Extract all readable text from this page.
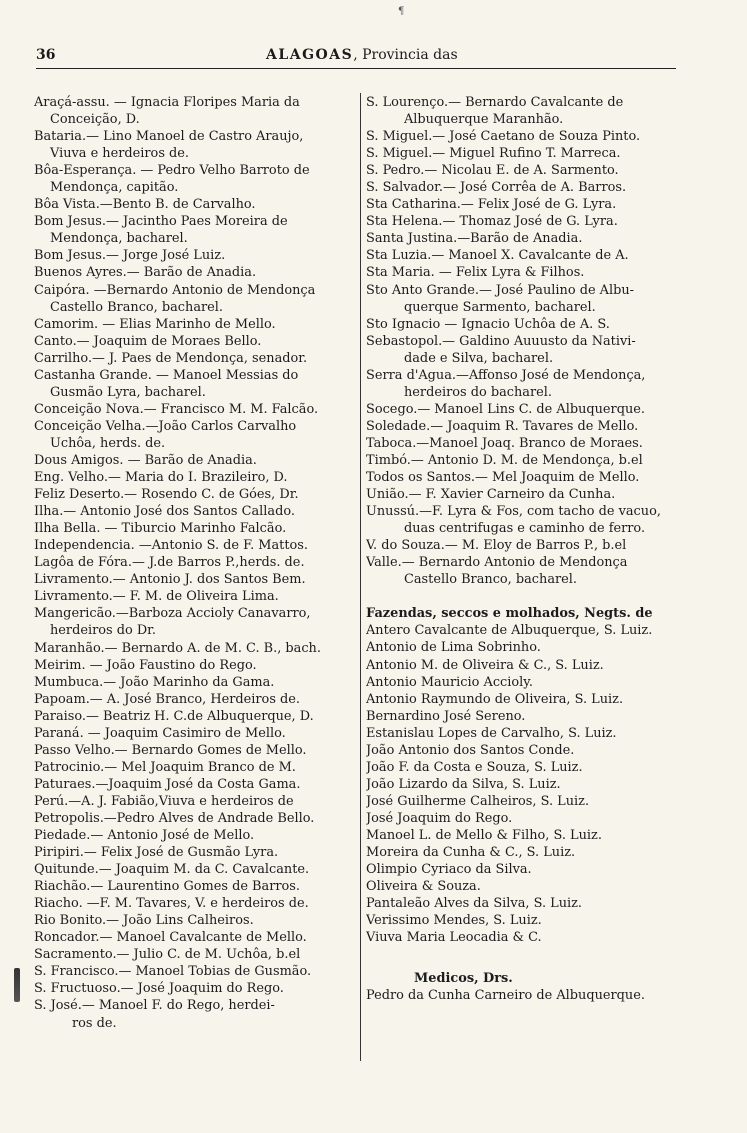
¶
36	ALAGOAS, Provincia das
Araçá-assu. — Ignacia Floripes Maria da
Conceição, D.
Bataria.— Lino Manoel de Castro Araujo,
Viuva e herdeiros de.
Bôa-Esperança. — Pedro Velho Barroto de
Mendonça, capitão.
Bôa Vista.—Bento B. de Carvalho.
Bom Jesus.— Jacintho Paes Moreira de
Mendonça, bacharel.
Bom Jesus.— Jorge José Luiz.
Buenos Ayres.— Barão de Anadia.
Caipóra. —Bernardo Antonio de Mendonça
Castello Branco, bacharel.
Camorim. — Elias Marinho de Mello.
Canto.— Joaquim de Moraes Bello.
Carrilho.— J. Paes de Mendonça, senador.
Castanha Grande. — Manoel Messias do
Gusmão Lyra, bacharel.
Conceição Nova.— Francisco M. M. Falcão.
Conceição Velha.—João Carlos Carvalho
Uchôa, herds. de.
Dous Amigos. — Barão de Anadia.
Eng. Velho.— Maria do I. Brazileiro, D.
Feliz Deserto.— Rosendo C. de Góes, Dr.
Ilha.— Antonio José dos Santos Callado.
Ilha Bella. — Tiburcio Marinho Falcão.
Independencia. —Antonio S. de F. Mattos.
Lagôa de Fóra.— J.de Barros P.,herds. de.
Livramento.— Antonio J. dos Santos Bem.
Livramento.— F. M. de Oliveira Lima.
Mangericão.—Barboza Accioly Canavarro,
herdeiros do Dr.
Maranhão.— Bernardo A. de M. C. B., bach.
Meirim. — João Faustino do Rego.
Mumbuca.— João Marinho da Gama.
Papoam.— A. José Branco, Herdeiros de.
Paraiso.— Beatriz H. C.de Albuquerque, D.
Paraná. — Joaquim Casimiro de Mello.
Passo Velho.— Bernardo Gomes de Mello.
Patrocinio.— Mel Joaquim Branco de M.
Paturaes.—Joaquim José da Costa Gama.
Perú.—A. J. Fabião,Viuva e herdeiros de
Petropolis.—Pedro Alves de Andrade Bello.
Piedade.— Antonio José de Mello.
Piripiri.— Felix José de Gusmão Lyra.
Quitunde.— Joaquim M. da C. Cavalcante.
Riachão.— Laurentino Gomes de Barros.
Riacho. —F. M. Tavares, V. e herdeiros de.
Rio Bonito.— João Lins Calheiros.
Roncador.— Manoel Cavalcante de Mello.
Sacramento.— Julio C. de M. Uchôa, b.el
S. Francisco.— Manoel Tobias de Gusmão.
S. Fructuoso.— José Joaquim do Rego.
S. José.— Manoel F. do Rego, herdei-
ros de.
S. Lourenço.— Bernardo Cavalcante de
Albuquerque Maranhão.
S. Miguel.— José Caetano de Souza Pinto.
S. Miguel.— Miguel Rufino T. Marreca.
S. Pedro.— Nicolau E. de A. Sarmento.
S. Salvador.— José Corrêa de A. Barros.
Sta Catharina.— Felix José de G. Lyra.
Sta Helena.— Thomaz José de G. Lyra.
Santa Justina.—Barão de Anadia.
Sta Luzia.— Manoel X. Cavalcante de A.
Sta Maria. — Felix Lyra & Filhos.
Sto Anto Grande.— José Paulino de Albu-
querque Sarmento, bacharel.
Sto Ignacio — Ignacio Uchôa de A. S.
Sebastopol.— Galdino Auuusto da Nativi-
dade e Silva, bacharel.
Serra d'Agua.—Affonso José de Mendonça,
herdeiros do bacharel.
Socego.— Manoel Lins C. de Albuquerque.
Soledade.— Joaquim R. Tavares de Mello.
Taboca.—Manoel Joaq. Branco de Moraes.
Timbó.— Antonio D. M. de Mendonça, b.el
Todos os Santos.— Mel Joaquim de Mello.
União.— F. Xavier Carneiro da Cunha.
Unussú.—F. Lyra & Fos, com tacho de vacuo,
duas centrifugas e caminho de ferro.
V. do Souza.— M. Eloy de Barros P., b.el
Valle.— Bernardo Antonio de Mendonça
Castello Branco, bacharel.
Fazendas, seccos e molhados, Negts. de
Antero Cavalcante de Albuquerque, S. Luiz.
Antonio de Lima Sobrinho.
Antonio M. de Oliveira & C., S. Luiz.
Antonio Mauricio Accioly.
Antonio Raymundo de Oliveira, S. Luiz.
Bernardino José Sereno.
Estanislau Lopes de Carvalho, S. Luiz.
João Antonio dos Santos Conde.
João F. da Costa e Souza, S. Luiz.
João Lizardo da Silva, S. Luiz.
José Guilherme Calheiros, S. Luiz.
José Joaquim do Rego.
Manoel L. de Mello & Filho, S. Luiz.
Moreira da Cunha & C., S. Luiz.
Olimpio Cyriaco da Silva.
Oliveira & Souza.
Pantaleão Alves da Silva, S. Luiz.
Verissimo Mendes, S. Luiz.
Viuva Maria Leocadia & C.
Medicos, Drs.
Pedro da Cunha Carneiro de Albuquerque.
